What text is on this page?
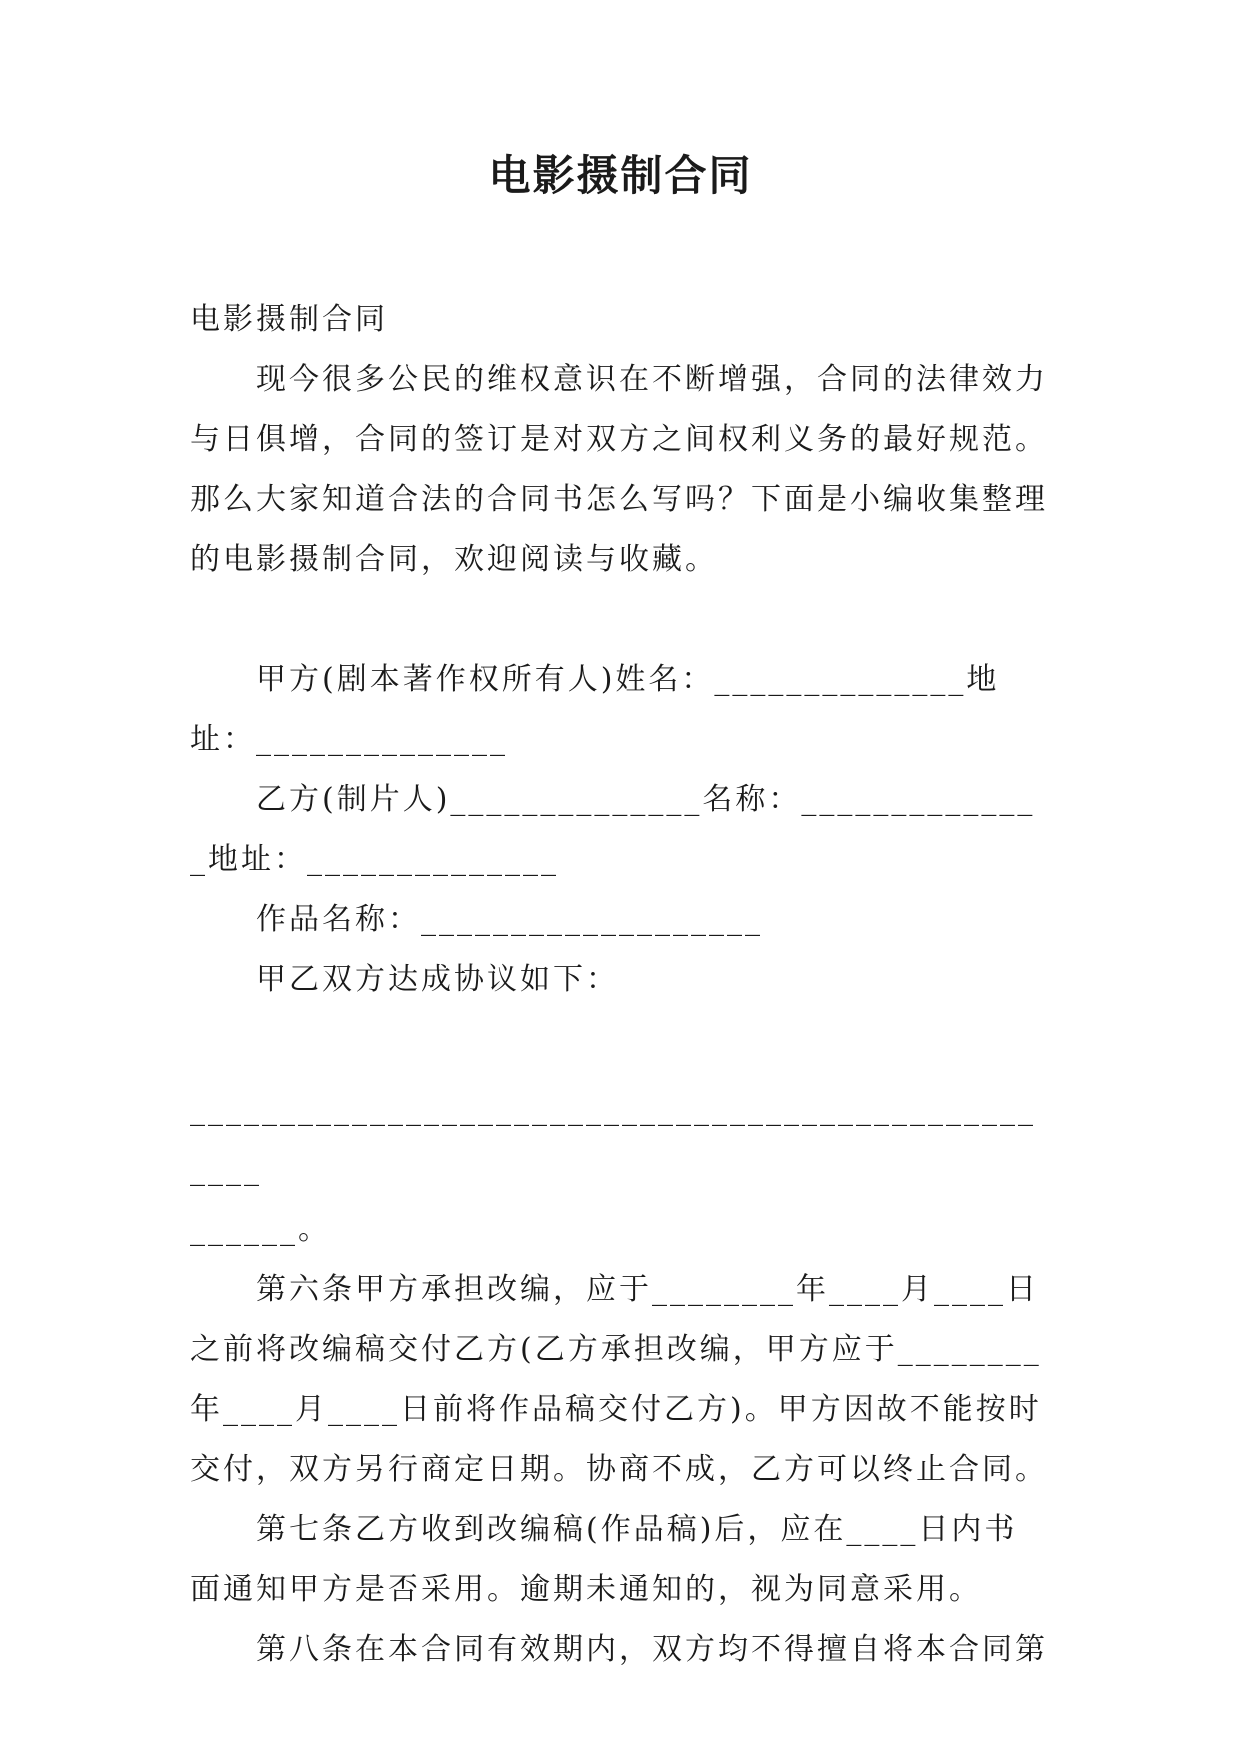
电影摄制合同

电影摄制合同

现今很多公民的维权意识在不断增强，合同的法律效力与日俱增，合同的签订是对双方之间权利义务的最好规范。那么大家知道合法的合同书怎么写吗？下面是小编收集整理的电影摄制合同，欢迎阅读与收藏。

甲方(剧本著作权所有人)姓名：______________地址：______________

乙方(制片人)______________名称：______________地址：______________

作品名称：___________________

甲乙双方达成协议如下：

___________________________________________________

______。

第六条甲方承担改编，应于________年____月____日之前将改编稿交付乙方(乙方承担改编，甲方应于________年____月____日前将作品稿交付乙方)。甲方因故不能按时交付，双方另行商定日期。协商不成，乙方可以终止合同。

第七条乙方收到改编稿(作品稿)后，应在____日内书面通知甲方是否采用。逾期未通知的，视为同意采用。

第八条在本合同有效期内，双方均不得擅自将本合同第
